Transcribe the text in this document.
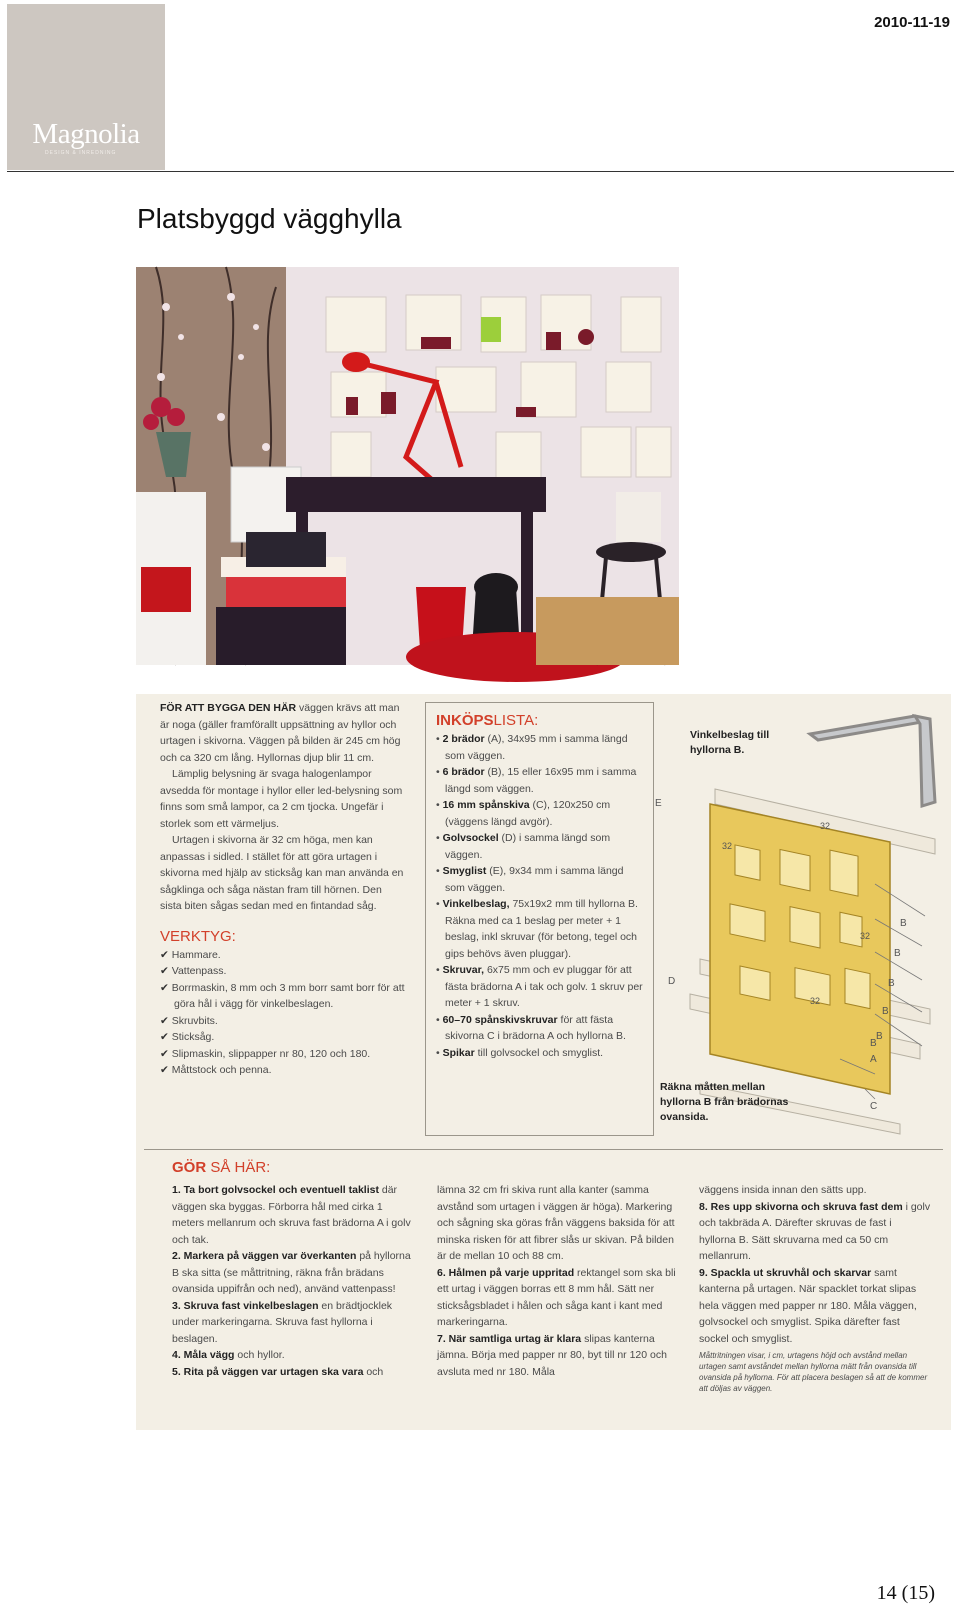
Magnolia
DESIGN & INREDNING
2010-11-19
Platsbyggd vägghylla

FÖR ATT BYGGA DEN HÄR väggen krävs att man är noga (gäller framförallt uppsättning av hyllor och urtagen i skivorna. Väggen på bilden är 245 cm hög och ca 320 cm lång. Hyllornas djup blir 11 cm.

Lämplig belysning är svaga halogenlampor avsedda för montage i hyllor eller led-belysning som finns som små lampor, ca 2 cm tjocka. Ungefär i storlek som ett värmeljus.

Urtagen i skivorna är 32 cm höga, men kan anpassas i sidled. I stället för att göra urtagen i skivorna med hjälp av sticksåg kan man använda en sågklinga och såga nästan fram till hörnen. Den sista biten sågas sedan med en fintandad såg.

VERKTYG:
✔ Hammare.
✔ Vattenpass.
✔ Borrmaskin, 8 mm och 3 mm borr samt borr för att göra hål i vägg för vinkelbeslagen.
✔ Skruvbits.
✔ Sticksåg.
✔ Slipmaskin, slippapper nr 80, 120 och 180.
✔ Måttstock och penna.
INKÖPSLISTA:
• 2 brädor (A), 34x95 mm i samma längd som väggen.
• 6 brädor (B), 15 eller 16x95 mm i samma längd som väggen.
• 16 mm spånskiva (C), 120x250 cm (väggens längd avgör).
• Golvsockel (D) i samma längd som väggen.
• Smyglist (E), 9x34 mm i samma längd som väggen.
• Vinkelbeslag, 75x19x2 mm till hyllorna B. Räkna med ca 1 beslag per meter + 1 beslag, inkl skruvar (för betong, tegel och gips behövs även pluggar).
• Skruvar, 6x75 mm och ev pluggar för att fästa brädorna A i tak och golv. 1 skruv per meter + 1 skruv.
• 60–70 spånskivskruvar för att fästa skivorna C i brädorna A och hyllorna B.
• Spikar till golvsockel och smyglist.
E
D
A
C
B
B
B
B
B
B
32
32
32
32
Vinkelbeslag till hyllorna B.
Räkna måtten mellan hyllorna B från brädornas ovansida.
GÖR SÅ HÄR:

1. Ta bort golvsockel och eventuell taklist där väggen ska byggas. Förborra hål med cirka 1 meters mellanrum och skruva fast brädorna A i golv och tak.

2. Markera på väggen var överkanten på hyllorna B ska sitta (se måttritning, räkna från brädans ovansida uppifrån och ned), använd vattenpass!

3. Skruva fast vinkelbeslagen en brädtjocklek under markeringarna. Skruva fast hyllorna i beslagen.

4. Måla vägg och hyllor.

5. Rita på väggen var urtagen ska vara och

lämna 32 cm fri skiva runt alla kanter (samma avstånd som urtagen i väggen är höga). Markering och sågning ska göras från väggens baksida för att minska risken för att fibrer slås ur skivan. På bilden är de mellan 10 och 88 cm.

6. Hålmen på varje uppritad rektangel som ska bli ett urtag i väggen borras ett 8 mm hål. Sätt ner sticksågsbladet i hålen och såga kant i kant med markeringarna.

7. När samtliga urtag är klara slipas kanterna jämna. Börja med papper nr 80, byt till nr 120 och avsluta med nr 180. Måla

väggens insida innan den sätts upp.

8. Res upp skivorna och skruva fast dem i golv och takbräda A. Därefter skruvas de fast i hyllorna B. Sätt skruvarna med ca 50 cm mellanrum.

9. Spackla ut skruvhål och skarvar samt kanterna på urtagen. När spacklet torkat slipas hela väggen med papper nr 180. Måla väggen, golvsockel och smyglist. Spika därefter fast sockel och smyglist.

Måttritningen visar, i cm, urtagens höjd och avstånd mellan urtagen samt avståndet mellan hyllorna mätt från ovansida till ovansida på hyllorna. För att placera beslagen så att de kommer att döljas av väggen.

14 (15)
